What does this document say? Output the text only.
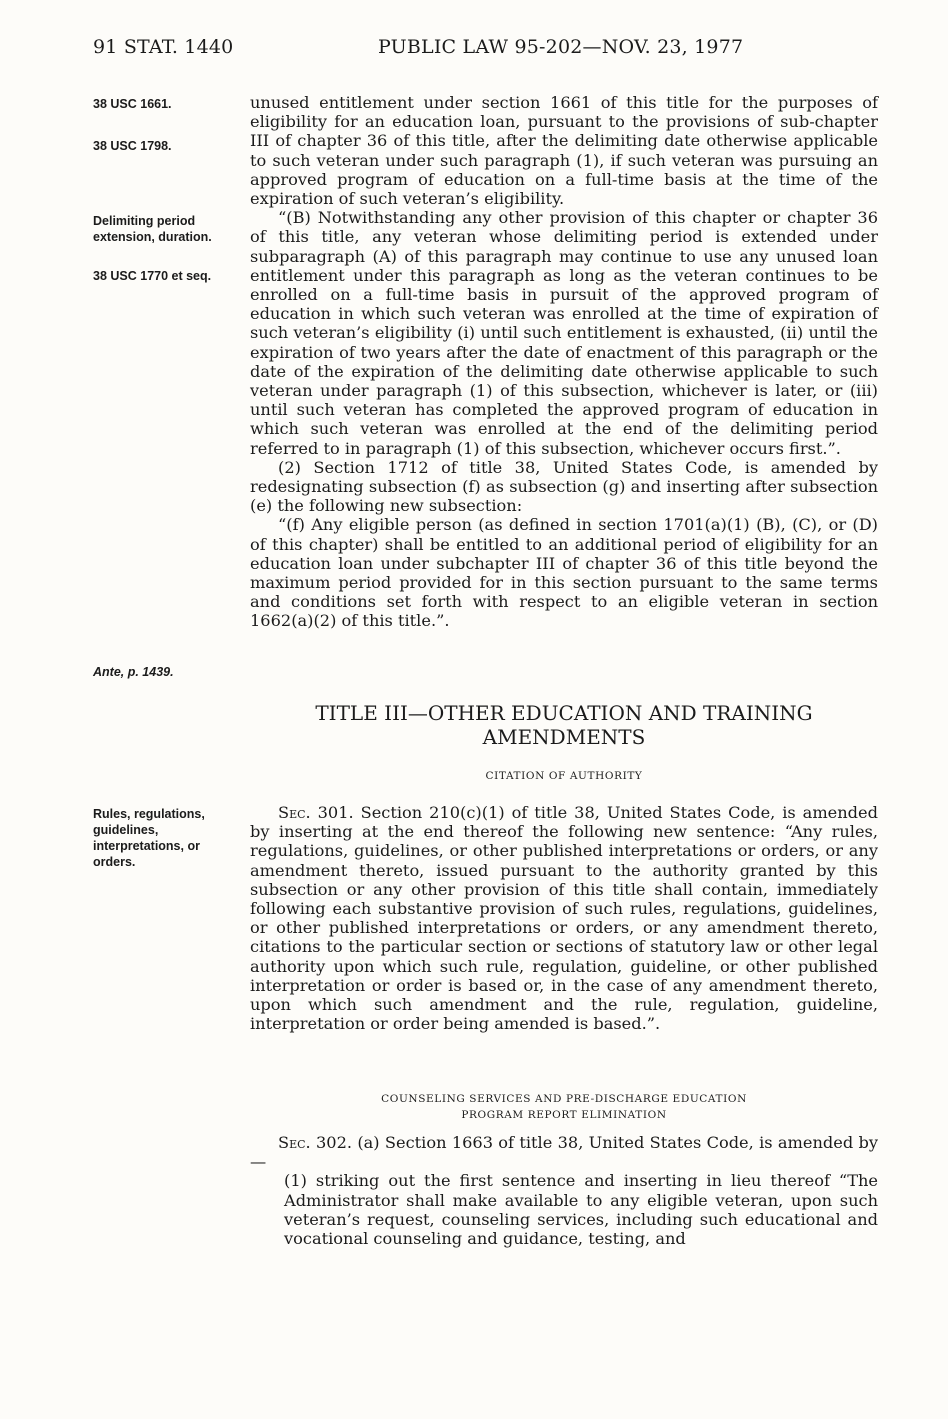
91 STAT. 1440	PUBLIC LAW 95-202—NOV. 23, 1977
38 USC 1661.
38 USC 1798.
Delimiting period extension, duration.
38 USC 1770 et seq.
Ante, p. 1439.
Rules, regulations, guidelines, interpretations, or orders.

unused entitlement under section 1661 of this title for the purposes of eligibility for an education loan, pursuant to the provisions of sub-chapter III of chapter 36 of this title, after the delimiting date otherwise applicable to such veteran under such paragraph (1), if such veteran was pursuing an approved program of education on a full-time basis at the time of the expiration of such veteran’s eligibility.

“(B) Notwithstanding any other provision of this chapter or chapter 36 of this title, any veteran whose delimiting period is extended under subparagraph (A) of this paragraph may continue to use any unused loan entitlement under this paragraph as long as the veteran continues to be enrolled on a full-time basis in pursuit of the approved program of education in which such veteran was enrolled at the time of expiration of such veteran’s eligibility (i) until such entitlement is exhausted, (ii) until the expiration of two years after the date of enactment of this paragraph or the date of the expiration of the delimiting date otherwise applicable to such veteran under paragraph (1) of this subsection, whichever is later, or (iii) until such veteran has completed the approved program of education in which such veteran was enrolled at the end of the delimiting period referred to in paragraph (1) of this subsection, whichever occurs first.”.

(2) Section 1712 of title 38, United States Code, is amended by redesignating subsection (f) as subsection (g) and inserting after subsection (e) the following new subsection:

“(f) Any eligible person (as defined in section 1701(a)(1) (B), (C), or (D) of this chapter) shall be entitled to an additional period of eligibility for an education loan under subchapter III of chapter 36 of this title beyond the maximum period provided for in this section pursuant to the same terms and conditions set forth with respect to an eligible veteran in section 1662(a)(2) of this title.”.

TITLE III—OTHER EDUCATION AND TRAINING
AMENDMENTS
CITATION OF AUTHORITY

Sec. 301. Section 210(c)(1) of title 38, United States Code, is amended by inserting at the end thereof the following new sentence: “Any rules, regulations, guidelines, or other published interpretations or orders, or any amendment thereto, issued pursuant to the authority granted by this subsection or any other provision of this title shall contain, immediately following each substantive provision of such rules, regulations, guidelines, or other published interpretations or orders, or any amendment thereto, citations to the particular section or sections of statutory law or other legal authority upon which such rule, regulation, guideline, or other published interpretation or order is based or, in the case of any amendment thereto, upon which such amendment and the rule, regulation, guideline, interpretation or order being amended is based.”.

COUNSELING SERVICES AND PRE-DISCHARGE EDUCATION
PROGRAM REPORT ELIMINATION

Sec. 302. (a) Section 1663 of title 38, United States Code, is amended by—

(1) striking out the first sentence and inserting in lieu thereof “The Administrator shall make available to any eligible veteran, upon such veteran’s request, counseling services, including such educational and vocational counseling and guidance, testing, and
